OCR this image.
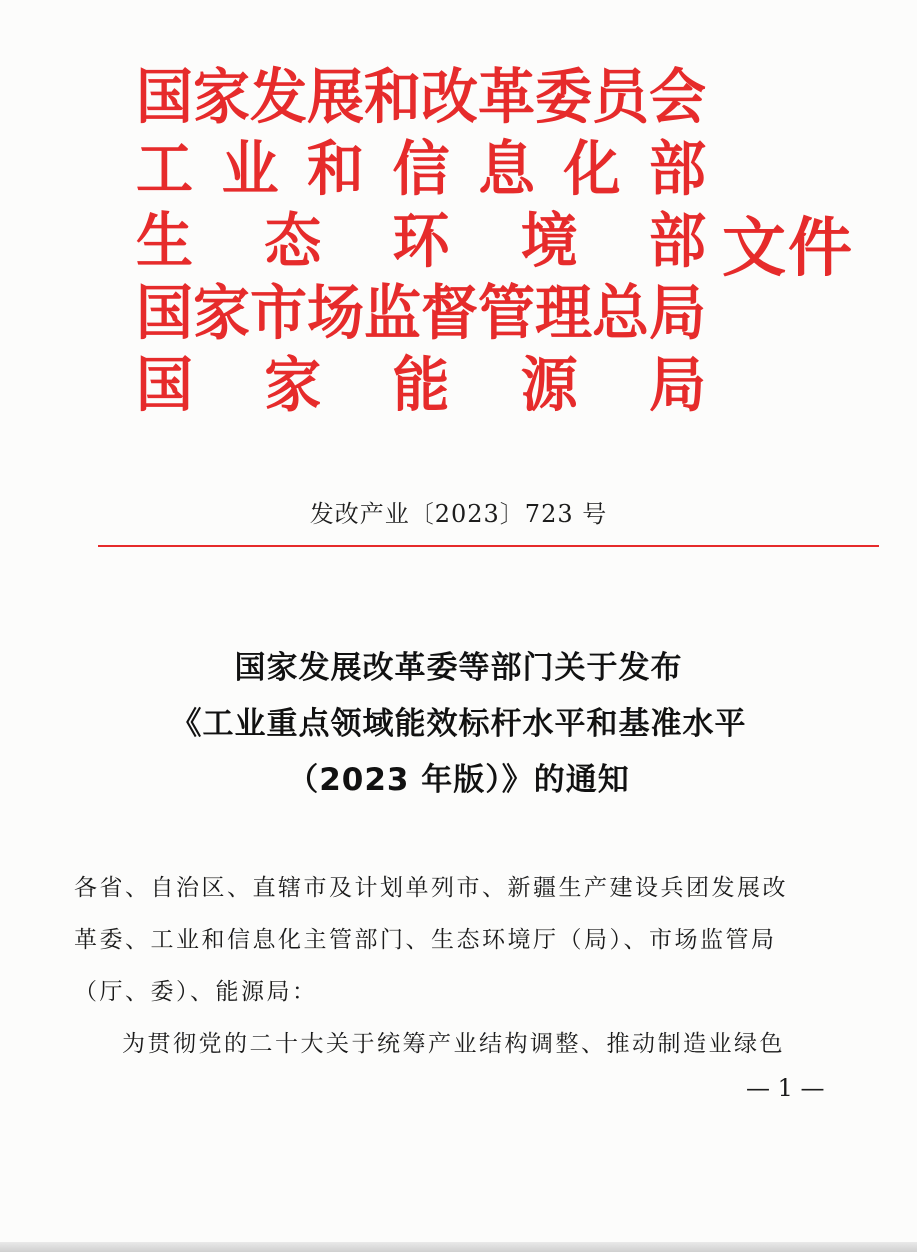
国 家 发 展 和 改 革 委 员 会
工 业 和 信 息 化 部
生 态 环 境 部
国 家 市 场 监 督 管 理 总 局
国 家 能 源 局
文件
发改产业〔2023〕723 号
国家发展改革委等部门关于发布
《工业重点领域能效标杆水平和基准水平
（2023 年版）》的通知
各省、自治区、直辖市及计划单列市、新疆生产建设兵团发展改
革委、工业和信息化主管部门、生态环境厅（局）、市场监管局
（厅、委）、能源局：
为贯彻党的二十大关于统筹产业结构调整、推动制造业绿色
— 1 —
